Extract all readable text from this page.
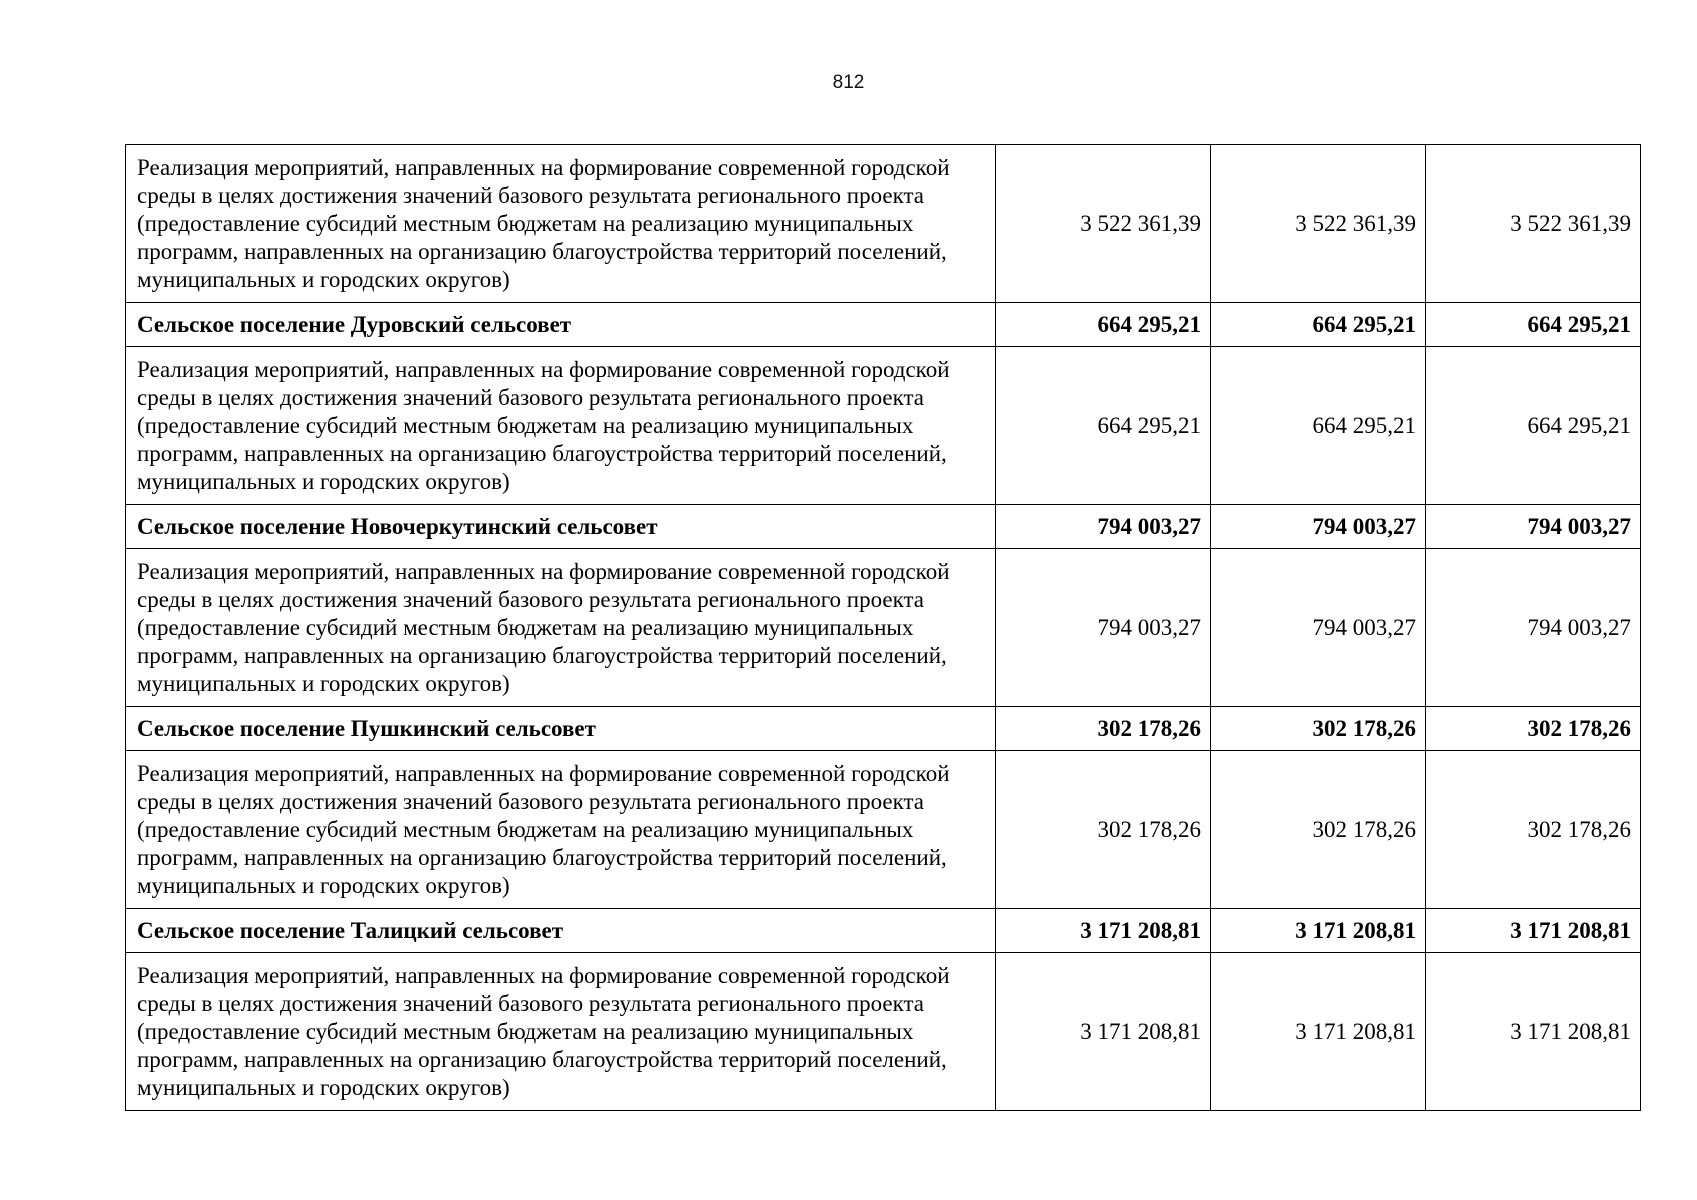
812
Реализация мероприятий, направленных на формирование современной городской среды в целях достижения значений базового результата регионального проекта (предоставление субсидий местным бюджетам на реализацию муниципальных программ, направленных на организацию благоустройства территорий поселений, муниципальных и городских округов)	3 522 361,39	3 522 361,39	3 522 361,39
Сельское поселение Дуровский сельсовет	664 295,21	664 295,21	664 295,21
Реализация мероприятий, направленных на формирование современной городской среды в целях достижения значений базового результата регионального проекта (предоставление субсидий местным бюджетам на реализацию муниципальных программ, направленных на организацию благоустройства территорий поселений, муниципальных и городских округов)	664 295,21	664 295,21	664 295,21
Сельское поселение Новочеркутинский сельсовет	794 003,27	794 003,27	794 003,27
Реализация мероприятий, направленных на формирование современной городской среды в целях достижения значений базового результата регионального проекта (предоставление субсидий местным бюджетам на реализацию муниципальных программ, направленных на организацию благоустройства территорий поселений, муниципальных и городских округов)	794 003,27	794 003,27	794 003,27
Сельское поселение Пушкинский сельсовет	302 178,26	302 178,26	302 178,26
Реализация мероприятий, направленных на формирование современной городской среды в целях достижения значений базового результата регионального проекта (предоставление субсидий местным бюджетам на реализацию муниципальных программ, направленных на организацию благоустройства территорий поселений, муниципальных и городских округов)	302 178,26	302 178,26	302 178,26
Сельское поселение Талицкий сельсовет	3 171 208,81	3 171 208,81	3 171 208,81
Реализация мероприятий, направленных на формирование современной городской среды в целях достижения значений базового результата регионального проекта (предоставление субсидий местным бюджетам на реализацию муниципальных программ, направленных на организацию благоустройства территорий поселений, муниципальных и городских округов)	3 171 208,81	3 171 208,81	3 171 208,81
